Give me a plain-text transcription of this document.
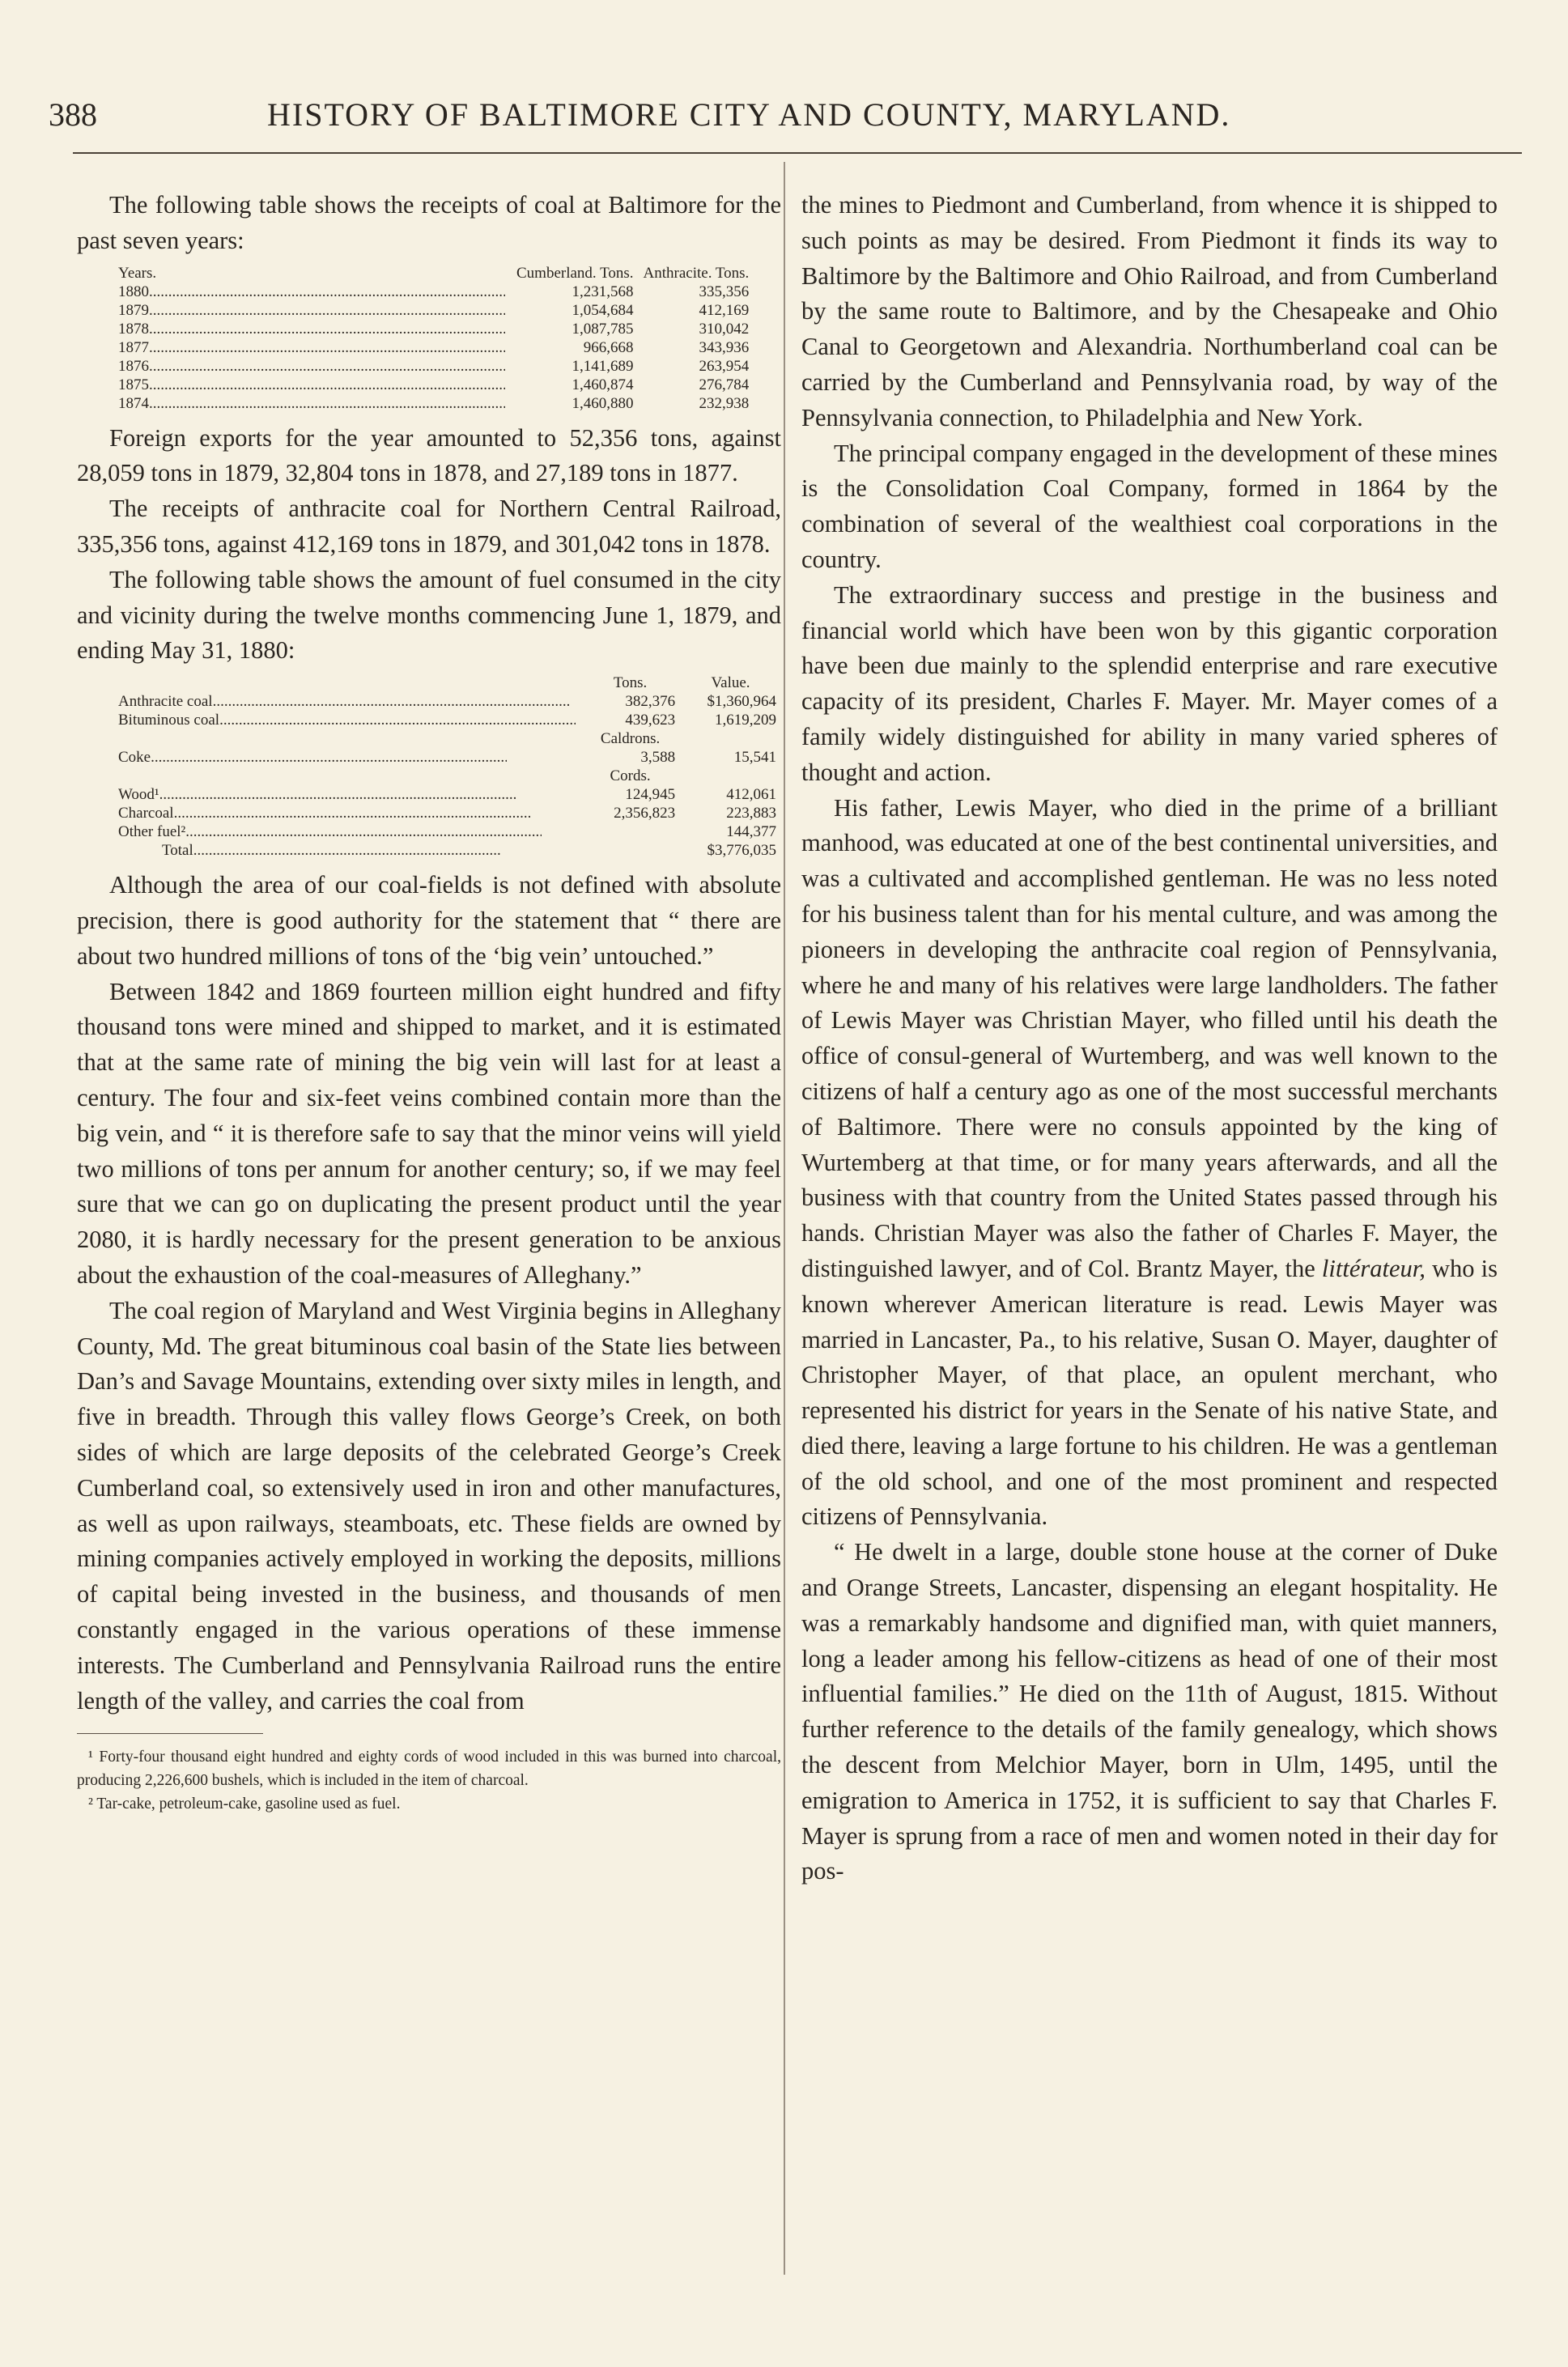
388	HISTORY OF BALTIMORE CITY AND COUNTY, MARYLAND.

The following table shows the receipts of coal at Baltimore for the past seven years:

Years.	Cumberland. Tons.	Anthracite. Tons.
1880.....	1,231,568	335,356
1879.....	1,054,684	412,169
1878.....	1,087,785	310,042
1877.....	966,668	343,936
1876.....	1,141,689	263,954
1875.....	1,460,874	276,784
1874.....	1,460,880	232,938

Foreign exports for the year amounted to 52,356 tons, against 28,059 tons in 1879, 32,804 tons in 1878, and 27,189 tons in 1877.

The receipts of anthracite coal for Northern Central Railroad, 335,356 tons, against 412,169 tons in 1879, and 301,042 tons in 1878.

The following table shows the amount of fuel consumed in the city and vicinity during the twelve months commencing June 1, 1879, and ending May 31, 1880:

	Tons.	Value.
Anthracite coal.....	382,376	$1,360,964
Bituminous coal.....	439,623	1,619,209
	Caldrons.	
Coke.....	3,588	15,541
	Cords.	
Wood¹.....	124,945	412,061
Charcoal.....	2,356,823	223,883
Other fuel².....		144,377
Total.....		$3,776,035

Although the area of our coal-fields is not defined with absolute precision, there is good authority for the statement that “ there are about two hundred millions of tons of the ‘big vein’ untouched.”

Between 1842 and 1869 fourteen million eight hundred and fifty thousand tons were mined and shipped to market, and it is estimated that at the same rate of mining the big vein will last for at least a century. The four and six-feet veins combined contain more than the big vein, and “ it is therefore safe to say that the minor veins will yield two millions of tons per annum for another century; so, if we may feel sure that we can go on duplicating the present product until the year 2080, it is hardly necessary for the present generation to be anxious about the exhaustion of the coal-measures of Alleghany.”

The coal region of Maryland and West Virginia begins in Alleghany County, Md. The great bituminous coal basin of the State lies between Dan’s and Savage Mountains, extending over sixty miles in length, and five in breadth. Through this valley flows George’s Creek, on both sides of which are large deposits of the celebrated George’s Creek Cumberland coal, so extensively used in iron and other manufactures, as well as upon railways, steamboats, etc. These fields are owned by mining companies actively employed in working the deposits, millions of capital being invested in the business, and thousands of men constantly engaged in the various operations of these immense interests. The Cumberland and Pennsylvania Railroad runs the entire length of the valley, and carries the coal from

¹ Forty-four thousand eight hundred and eighty cords of wood included in this was burned into charcoal, producing 2,226,600 bushels, which is included in the item of charcoal.

² Tar-cake, petroleum-cake, gasoline used as fuel.

the mines to Piedmont and Cumberland, from whence it is shipped to such points as may be desired. From Piedmont it finds its way to Baltimore by the Baltimore and Ohio Railroad, and from Cumberland by the same route to Baltimore, and by the Chesapeake and Ohio Canal to Georgetown and Alexandria. Northumberland coal can be carried by the Cumberland and Pennsylvania road, by way of the Pennsylvania connection, to Philadelphia and New York.

The principal company engaged in the development of these mines is the Consolidation Coal Company, formed in 1864 by the combination of several of the wealthiest coal corporations in the country.

The extraordinary success and prestige in the business and financial world which have been won by this gigantic corporation have been due mainly to the splendid enterprise and rare executive capacity of its president, Charles F. Mayer. Mr. Mayer comes of a family widely distinguished for ability in many varied spheres of thought and action.

His father, Lewis Mayer, who died in the prime of a brilliant manhood, was educated at one of the best continental universities, and was a cultivated and accomplished gentleman. He was no less noted for his business talent than for his mental culture, and was among the pioneers in developing the anthracite coal region of Pennsylvania, where he and many of his relatives were large landholders. The father of Lewis Mayer was Christian Mayer, who filled until his death the office of consul-general of Wurtemberg, and was well known to the citizens of half a century ago as one of the most successful merchants of Baltimore. There were no consuls appointed by the king of Wurtemberg at that time, or for many years afterwards, and all the business with that country from the United States passed through his hands. Christian Mayer was also the father of Charles F. Mayer, the distinguished lawyer, and of Col. Brantz Mayer, the littérateur, who is known wherever American literature is read. Lewis Mayer was married in Lancaster, Pa., to his relative, Susan O. Mayer, daughter of Christopher Mayer, of that place, an opulent merchant, who represented his district for years in the Senate of his native State, and died there, leaving a large fortune to his children. He was a gentleman of the old school, and one of the most prominent and respected citizens of Pennsylvania.

“ He dwelt in a large, double stone house at the corner of Duke and Orange Streets, Lancaster, dispensing an elegant hospitality. He was a remarkably handsome and dignified man, with quiet manners, long a leader among his fellow-citizens as head of one of their most influential families.” He died on the 11th of August, 1815. Without further reference to the details of the family genealogy, which shows the descent from Melchior Mayer, born in Ulm, 1495, until the emigration to America in 1752, it is sufficient to say that Charles F. Mayer is sprung from a race of men and women noted in their day for pos-
